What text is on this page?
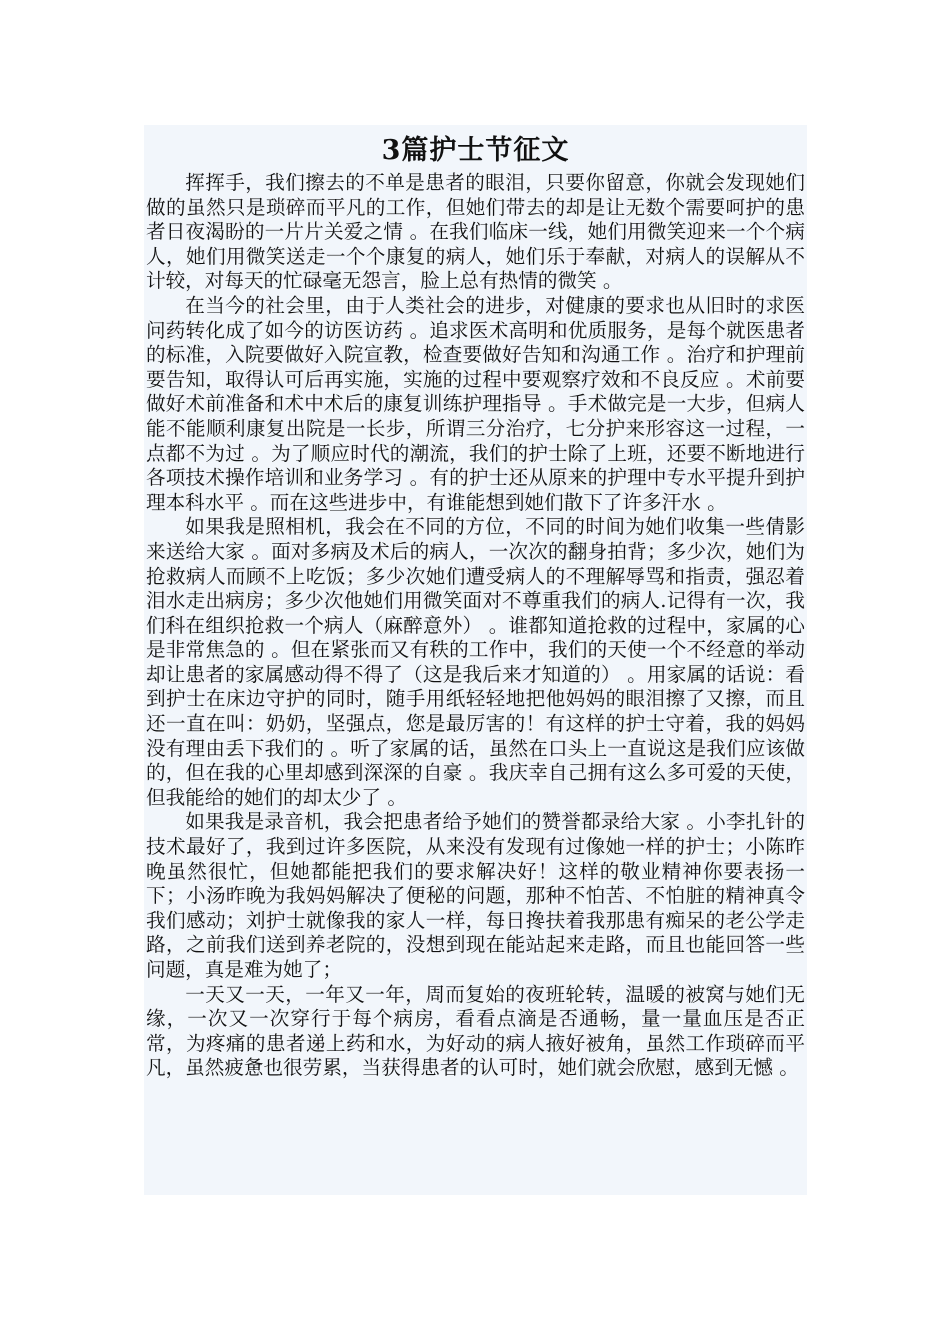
3篇护士节征文

挥挥手，我们擦去的不单是患者的眼泪，只要你留意，你就会发现她们做的虽然只是琐碎而平凡的工作，但她们带去的却是让无数个需要呵护的患者日夜渴盼的一片片关爱之情 。在我们临床一线，她们用微笑迎来一个个病人，她们用微笑送走一个个康复的病人，她们乐于奉献，对病人的误解从不计较，对每天的忙碌毫无怨言，脸上总有热情的微笑 。

在当今的社会里，由于人类社会的进步，对健康的要求也从旧时的求医问药转化成了如今的访医访药 。追求医术高明和优质服务，是每个就医患者的标准，入院要做好入院宣教，检查要做好告知和沟通工作 。治疗和护理前要告知，取得认可后再实施，实施的过程中要观察疗效和不良反应 。术前要做好术前准备和术中术后的康复训练护理指导 。手术做完是一大步，但病人能不能顺利康复出院是一长步，所谓三分治疗，七分护来形容这一过程，一点都不为过 。为了顺应时代的潮流，我们的护士除了上班，还要不断地进行各项技术操作培训和业务学习 。有的护士还从原来的护理中专水平提升到护理本科水平 。而在这些进步中，有谁能想到她们散下了许多汗水 。

如果我是照相机，我会在不同的方位，不同的时间为她们收集一些倩影来送给大家 。面对多病及术后的病人，一次次的翻身拍背；多少次，她们为抢救病人而顾不上吃饭；多少次她们遭受病人的不理解辱骂和指责，强忍着泪水走出病房；多少次他她们用微笑面对不尊重我们的病人.记得有一次，我们科在组织抢救一个病人（麻醉意外） 。谁都知道抢救的过程中，家属的心是非常焦急的 。但在紧张而又有秩的工作中，我们的天使一个不经意的举动却让患者的家属感动得不得了（这是我后来才知道的） 。用家属的话说：看到护士在床边守护的同时，随手用纸轻轻地把他妈妈的眼泪擦了又擦，而且还一直在叫：奶奶，坚强点，您是最厉害的！有这样的护士守着，我的妈妈没有理由丢下我们的 。听了家属的话，虽然在口头上一直说这是我们应该做的，但在我的心里却感到深深的自豪 。我庆幸自己拥有这么多可爱的天使，但我能给的她们的却太少了 。

如果我是录音机，我会把患者给予她们的赞誉都录给大家 。小李扎针的技术最好了，我到过许多医院，从来没有发现有过像她一样的护士；小陈昨晚虽然很忙，但她都能把我们的要求解决好！这样的敬业精神你要表扬一下；小汤昨晚为我妈妈解决了便秘的问题，那种不怕苦、不怕脏的精神真令我们感动；刘护士就像我的家人一样，每日搀扶着我那患有痴呆的老公学走路，之前我们送到养老院的，没想到现在能站起来走路，而且也能回答一些问题，真是难为她了；

一天又一天，一年又一年，周而复始的夜班轮转，温暖的被窝与她们无缘，一次又一次穿行于每个病房，看看点滴是否通畅，量一量血压是否正常，为疼痛的患者递上药和水，为好动的病人掖好被角，虽然工作琐碎而平凡，虽然疲惫也很劳累，当获得患者的认可时，她们就会欣慰，感到无憾 。
